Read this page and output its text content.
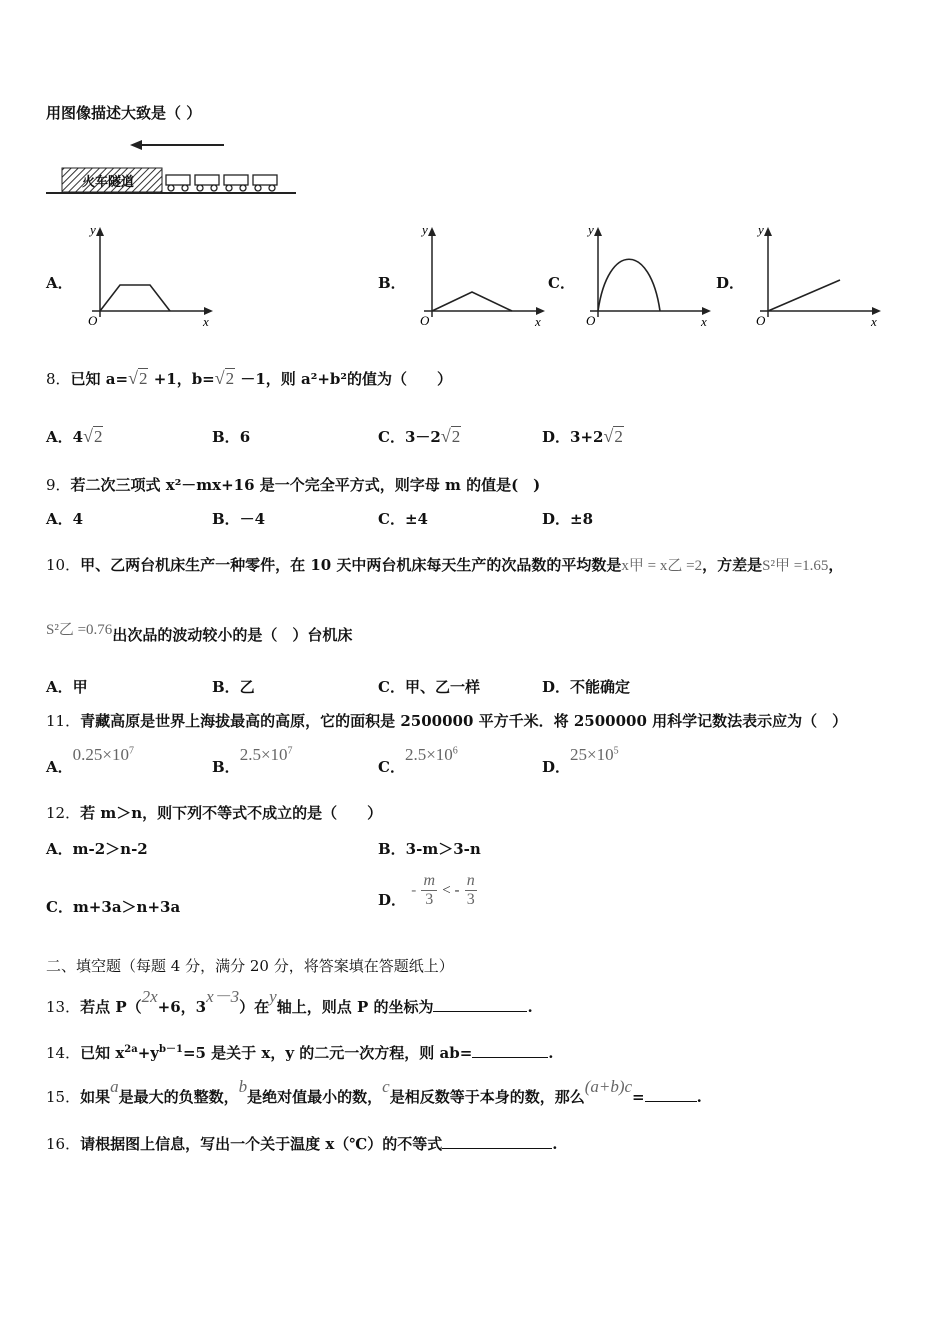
用图像描述大致是（ ）
火车隧道
A．	B．	C．	D．
y
O	x
y
O	x
y
O	x
y
O	x
8．已知 a=√2 +1，b=√2 －1，则 a²+b²的值为（　　）
A．4√2	B．6	C．3－2√2	D．3+2√2
9．若二次三项式 x²－mx+16 是一个完全平方式，则字母 m 的值是(　)
A．4	B．－4	C．±4	D．±8
10．甲、乙两台机床生产一种零件，在 10 天中两台机床每天生产的次品数的平均数是x甲 = x乙 =2，方差是S²甲 =1.65，
S²乙 =0.76出次品的波动较小的是（　）台机床
A．甲	B．乙	C．甲、乙一样	D．不能确定
11．青藏高原是世界上海拔最高的高原，它的面积是 2500000 平方千米．将 2500000 用科学记数法表示应为（　）
A．$0.25\times 10^7$
B．$2.5\times 10^7$
C．$2.5\times 10^6$
D．$25\times 10^5$
12．若 m＞n，则下列不等式不成立的是（　　）
A．m-2＞n-2	B．3-m＞3-n
C．m+3a＞n+3a	D． - $\frac{m}{3}$ < - $\frac{n}{3}$
二、填空题（每题 4 分，满分 20 分，将答案填在答题纸上）
13．若点 P（2x+6，3x－3）在y轴上，则点 P 的坐标为	.
14．已知 $x^{2a}+y^{b-1}=5$ 是关于 x，y 的二元一次方程，则 ab=	.
15．如果a是最大的负整数，b是绝对值最小的数，c是相反数等于本身的数，那么(a+b)c=	.
16．请根据图上信息，写出一个关于温度 x（℃）的不等式	.
